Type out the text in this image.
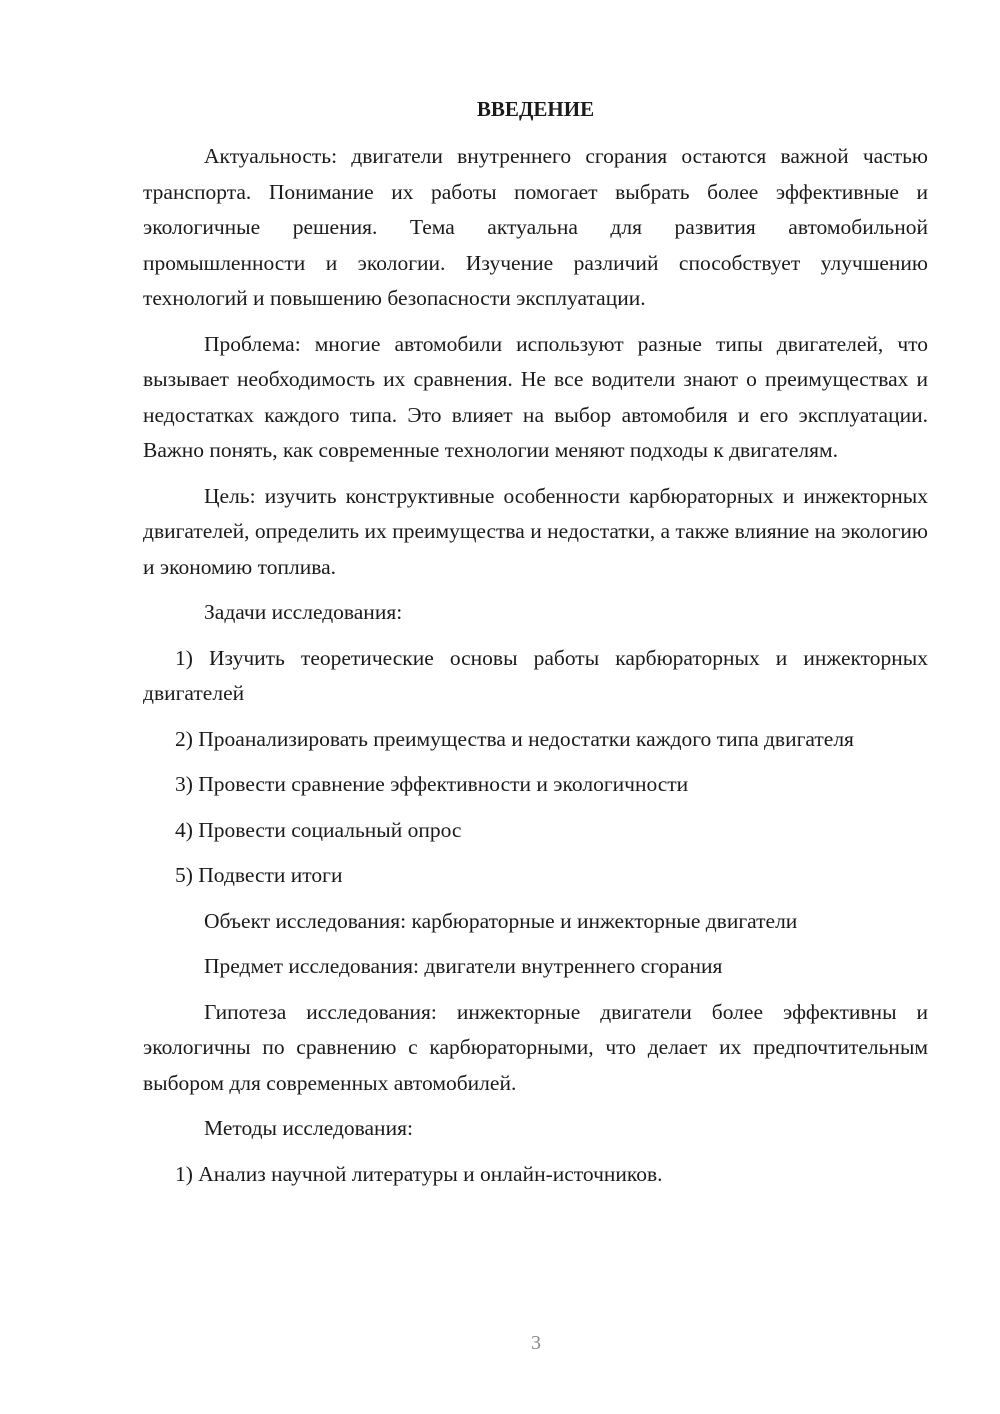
ВВЕДЕНИЕ

Актуальность: двигатели внутреннего сгорания остаются важной частью транспорта. Понимание их работы помогает выбрать более эффективные и экологичные решения. Тема актуальна для развития автомобильной промышленности и экологии. Изучение различий способствует улучшению технологий и повышению безопасности эксплуатации.

Проблема: многие автомобили используют разные типы двигателей, что вызывает необходимость их сравнения. Не все водители знают о преимуществах и недостатках каждого типа. Это влияет на выбор автомобиля и его эксплуатации. Важно понять, как современные технологии меняют подходы к двигателям.

Цель: изучить конструктивные особенности карбюраторных и инжекторных двигателей, определить их преимущества и недостатки, а также влияние на экологию и экономию топлива.

Задачи исследования:

1) Изучить теоретические основы работы карбюраторных и инжекторных двигателей

2) Проанализировать преимущества и недостатки каждого типа двигателя

3) Провести сравнение эффективности и экологичности

4) Провести социальный опрос

5) Подвести итоги

Объект исследования: карбюраторные и инжекторные двигатели

Предмет исследования: двигатели внутреннего сгорания

Гипотеза исследования: инжекторные двигатели более эффективны и экологичны по сравнению с карбюраторными, что делает их предпочтительным выбором для современных автомобилей.

Методы исследования:

1) Анализ научной литературы и онлайн-источников.

3
